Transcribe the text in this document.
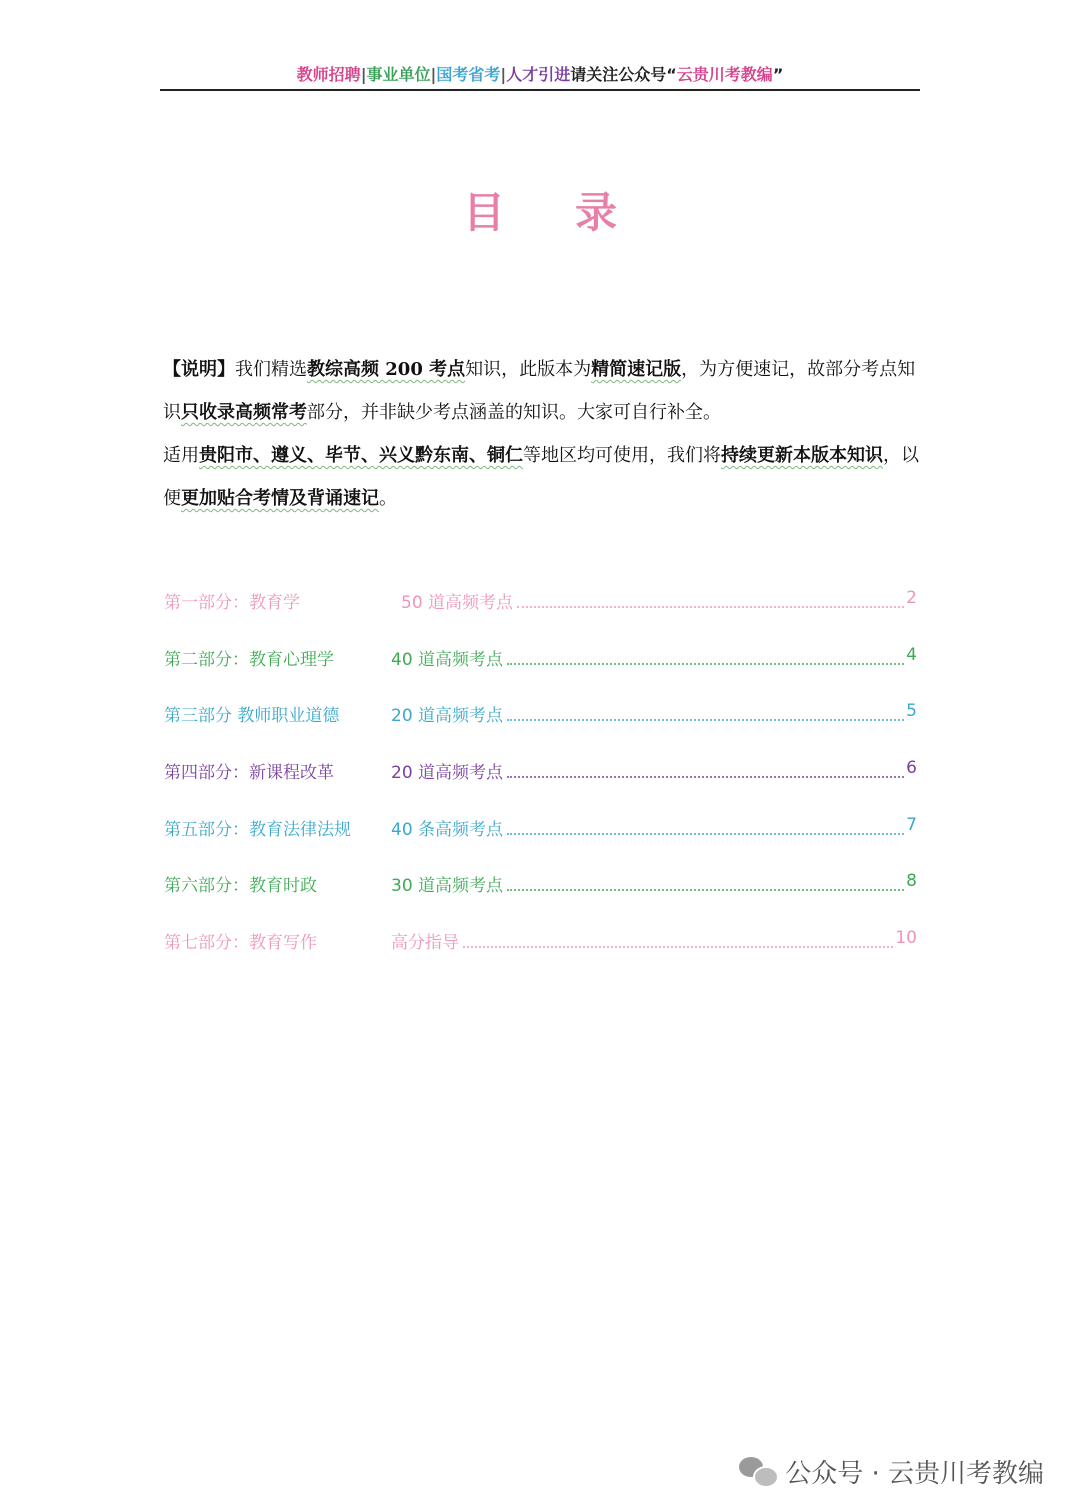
教师招聘|事业单位|国考省考|人才引进请关注公众号“云贵川考教编”
目录

【说明】我们精选教综高频 200 考点知识，此版本为精简速记版，为方便速记，故部分考点知识只收录高频常考部分，并非缺少考点涵盖的知识。大家可自行补全。

适用贵阳市、遵义、毕节、兴义黔东南、铜仁等地区均可使用，我们将持续更新本版本知识，以便更加贴合考情及背诵速记。

第一部分：教育学	50 道高频考点	2
第二部分：教育心理学	40 道高频考点	4
第三部分 教师职业道德	20 道高频考点	5
第四部分：新课程改革	20 道高频考点	6
第五部分：教育法律法规	40 条高频考点	7
第六部分：教育时政	30 道高频考点	8
第七部分：教育写作	高分指导	10
公众号 · 云贵川考教编
